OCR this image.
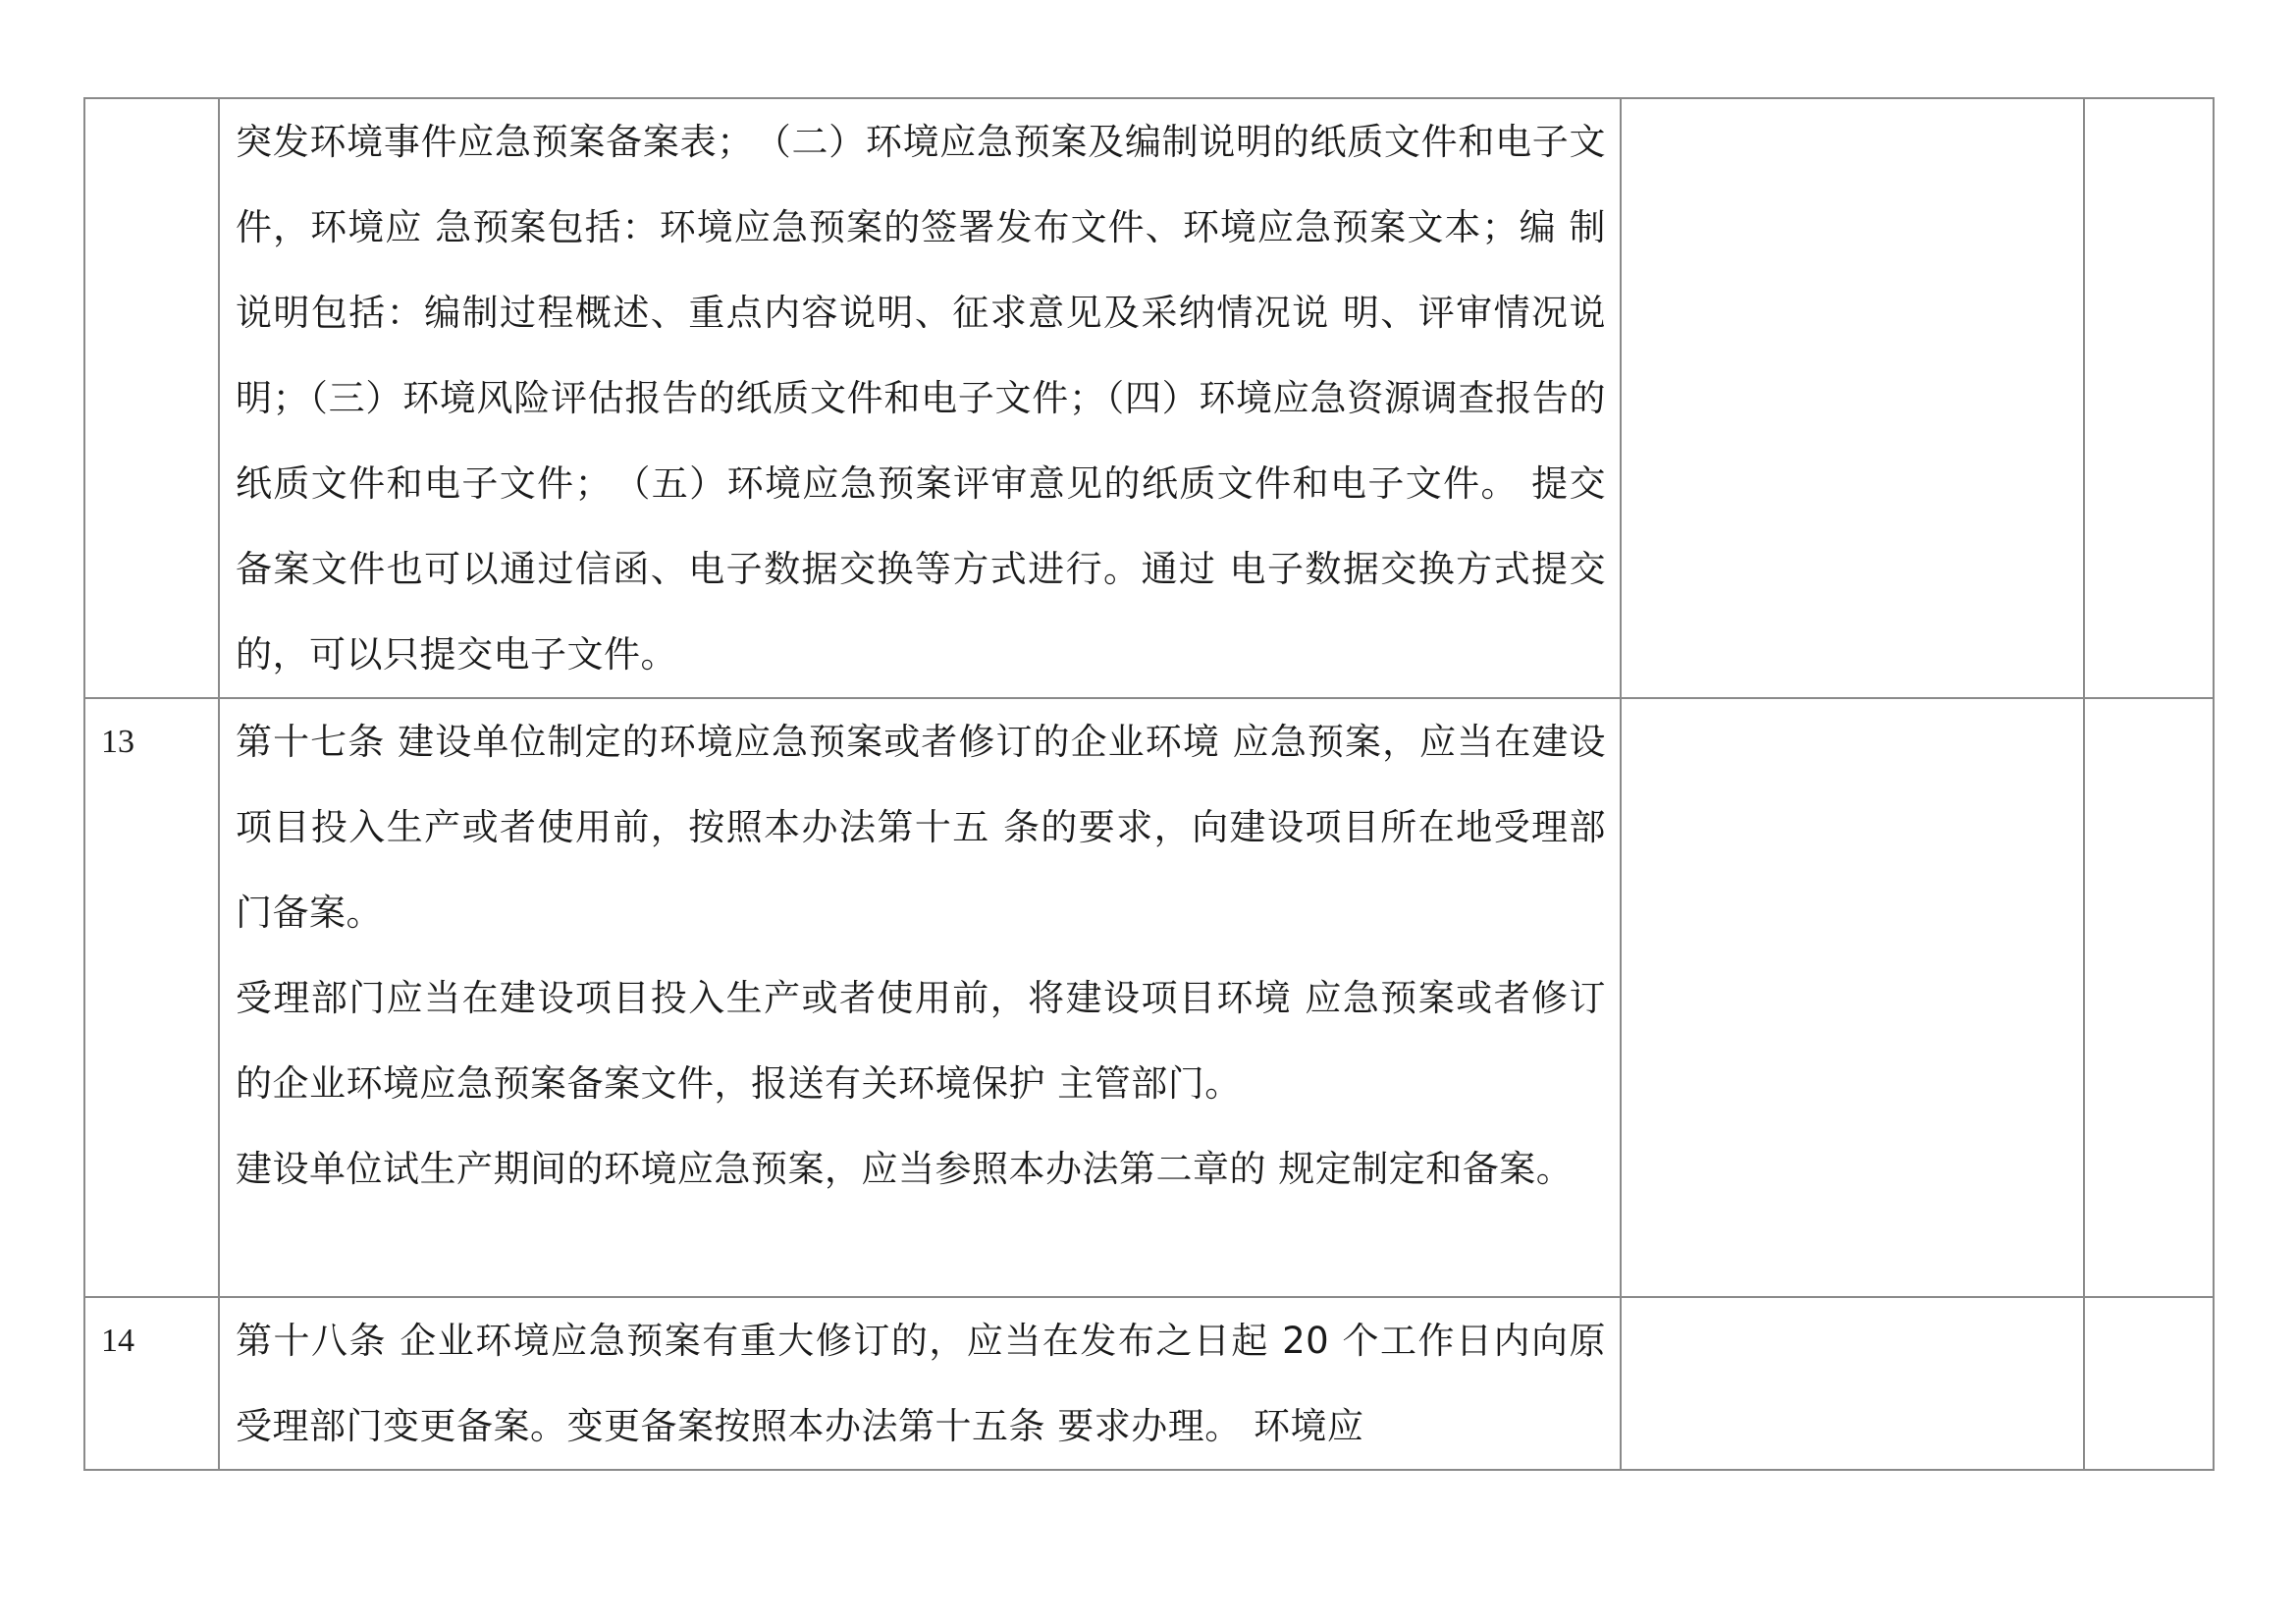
	突发环境事件应急预案备案表；　（二）环境应急预案及编制说明的纸质文件和电子文件，环境应 急预案包括：环境应急预案的签署发布文件、环境应急预案文本；编 制说明包括：编制过程概述、重点内容说明、征求意见及采纳情况说 明、评审情况说明；（三）环境风险评估报告的纸质文件和电子文件；（四）环境应急资源调查报告的纸质文件和电子文件；　（五）环境应急预案评审意见的纸质文件和电子文件。 提交备案文件也可以通过信函、电子数据交换等方式进行。通过 电子数据交换方式提交的，可以只提交电子文件。		

13	第十七条 建设单位制定的环境应急预案或者修订的企业环境 应急预案，应当在建设项目投入生产或者使用前，按照本办法第十五 条的要求，向建设项目所在地受理部门备案。

受理部门应当在建设项目投入生产或者使用前，将建设项目环境 应急预案或者修订的企业环境应急预案备案文件，报送有关环境保护 主管部门。

建设单位试生产期间的环境应急预案，应当参照本办法第二章的 规定制定和备案。		

14	第十八条 企业环境应急预案有重大修订的，应当在发布之日起 20 个工作日内向原受理部门变更备案。变更备案按照本办法第十五条 要求办理。 环境应		
